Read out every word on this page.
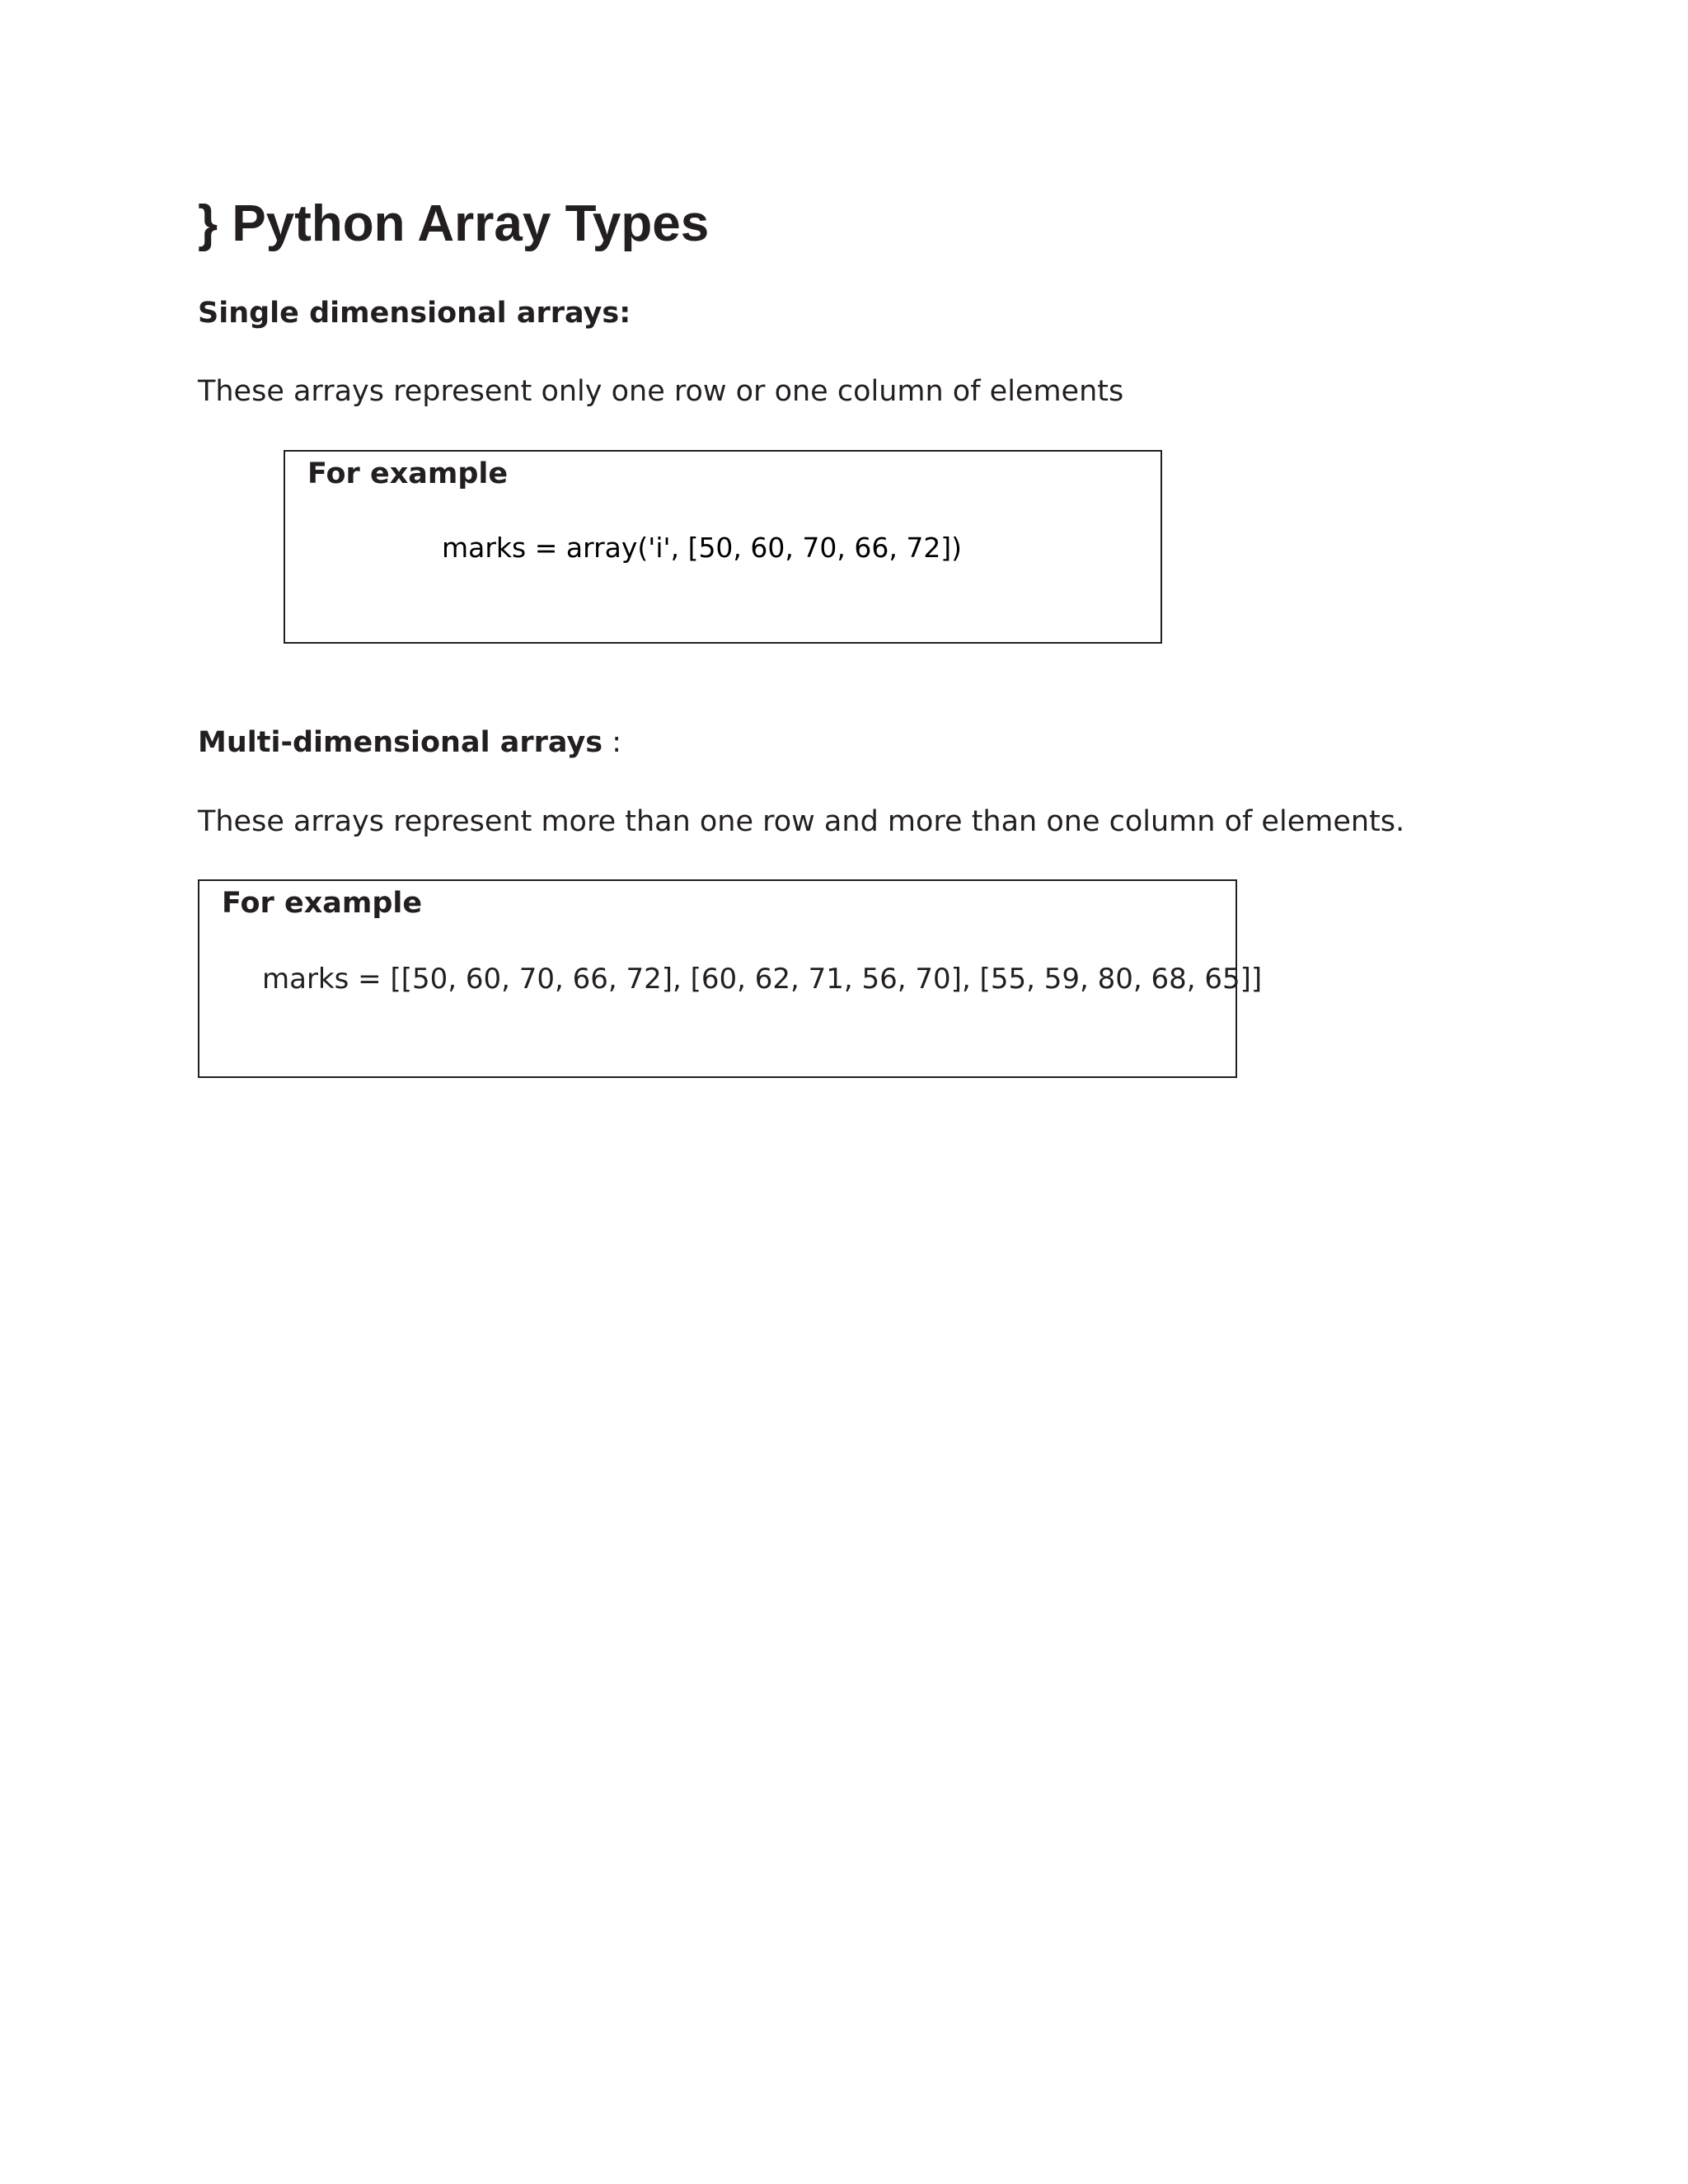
} Python Array Types

Single dimensional arrays:

These arrays represent only one row or one column of elements

For example

marks = array('i', [50, 60, 70, 66, 72])

Multi-dimensional arrays :

These arrays represent more than one row and more than one column of elements.

For example

marks = [[50, 60, 70, 66, 72], [60, 62, 71, 56, 70], [55, 59, 80, 68, 65]]
